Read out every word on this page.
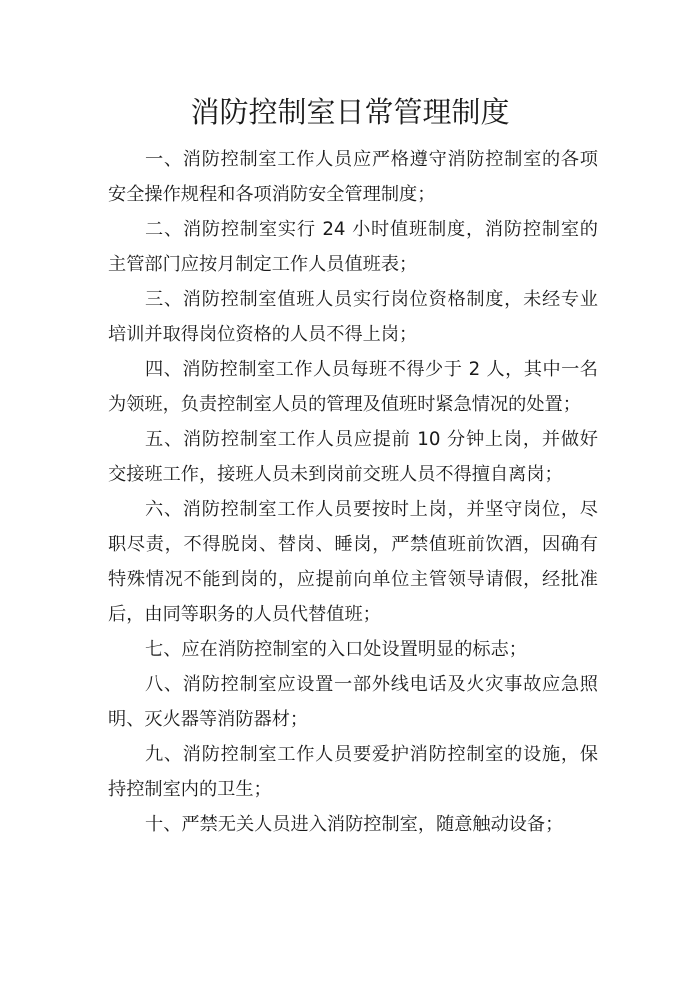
消防控制室日常管理制度

一、消防控制室工作人员应严格遵守消防控制室的各项安全操作规程和各项消防安全管理制度；

二、消防控制室实行 24 小时值班制度，消防控制室的主管部门应按月制定工作人员值班表；

三、消防控制室值班人员实行岗位资格制度，未经专业培训并取得岗位资格的人员不得上岗；

四、消防控制室工作人员每班不得少于 2 人，其中一名为领班，负责控制室人员的管理及值班时紧急情况的处置；

五、消防控制室工作人员应提前 10 分钟上岗，并做好交接班工作，接班人员未到岗前交班人员不得擅自离岗；

六、消防控制室工作人员要按时上岗，并坚守岗位，尽职尽责，不得脱岗、替岗、睡岗，严禁值班前饮酒，因确有特殊情况不能到岗的，应提前向单位主管领导请假，经批准后，由同等职务的人员代替值班；

七、应在消防控制室的入口处设置明显的标志；

八、消防控制室应设置一部外线电话及火灾事故应急照明、灭火器等消防器材；

九、消防控制室工作人员要爱护消防控制室的设施，保持控制室内的卫生；

十、严禁无关人员进入消防控制室，随意触动设备；
